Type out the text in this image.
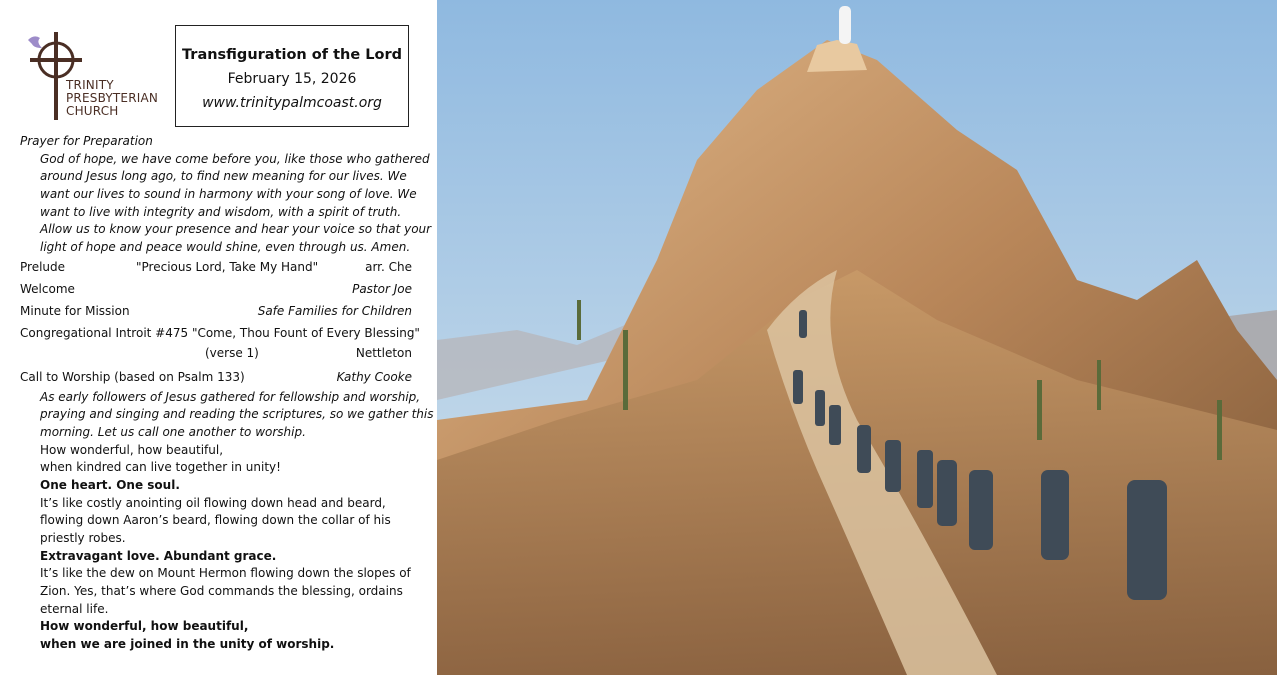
TRINITY
PRESBYTERIAN
CHURCH
Transfiguration of the Lord
February 15, 2026
www.trinitypalmcoast.org
Prayer for Preparation
God of hope, we have come before you, like those who gathered
around Jesus long ago, to find new meaning for our lives. We
want our lives to sound in harmony with your song of love. We
want to live with integrity and wisdom, with a spirit of truth.
Allow us to know your presence and hear your voice so that your
light of hope and peace would shine, even through us. Amen.
Prelude	"Precious Lord, Take My Hand"	arr. Che
Welcome	Pastor Joe
Minute for Mission	Safe Families for Children
Congregational Introit #475 "Come, Thou Fount of Every Blessing"
(verse 1)	Nettleton
Call to Worship (based on Psalm 133)	Kathy Cooke
As early followers of Jesus gathered for fellowship and worship,
praying and singing and reading the scriptures, so we gather this
morning. Let us call one another to worship.
How wonderful, how beautiful,
when kindred can live together in unity!
One heart. One soul.
It’s like costly anointing oil flowing down head and beard,
flowing down Aaron’s beard, flowing down the collar of his
priestly robes.
Extravagant love. Abundant grace.
It’s like the dew on Mount Hermon flowing down the slopes of
Zion. Yes, that’s where God commands the blessing, ordains
eternal life.
How wonderful, how beautiful,
when we are joined in the unity of worship.
